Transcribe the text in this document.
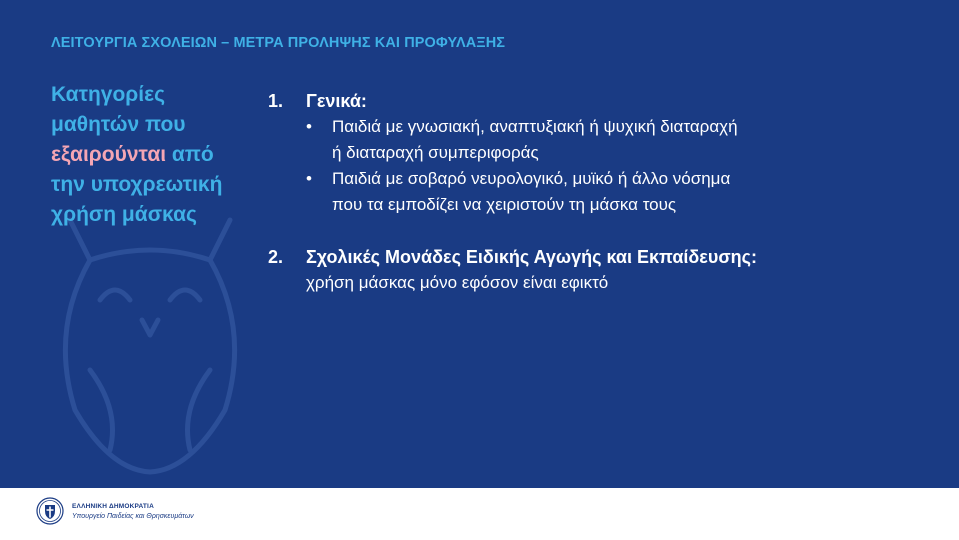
ΛΕΙΤΟΥΡΓΙΑ ΣΧΟΛΕΙΩΝ – ΜΕΤΡΑ ΠΡΟΛΗΨΗΣ ΚΑΙ ΠΡΟΦΥΛΑΞΗΣ
Κατηγορίες
μαθητών που
εξαιρούνται από
την υποχρεωτική
χρήση μάσκας
1.	Γενικά:
• Παιδιά με γνωσιακή, αναπτυξιακή ή ψυχική διαταραχή
ή διαταραχή συμπεριφοράς
• Παιδιά με σοβαρό νευρολογικό, μυϊκό ή άλλο νόσημα
που τα εμποδίζει να χειριστούν τη μάσκα τους
2.	Σχολικές Μονάδες Ειδικής Αγωγής και Εκπαίδευσης:
χρήση μάσκας μόνο εφόσον είναι εφικτό
ΕΛΛΗΝΙΚΗ ΔΗΜΟΚΡΑΤΙΑ
Υπουργείο Παιδείας και Θρησκευμάτων
